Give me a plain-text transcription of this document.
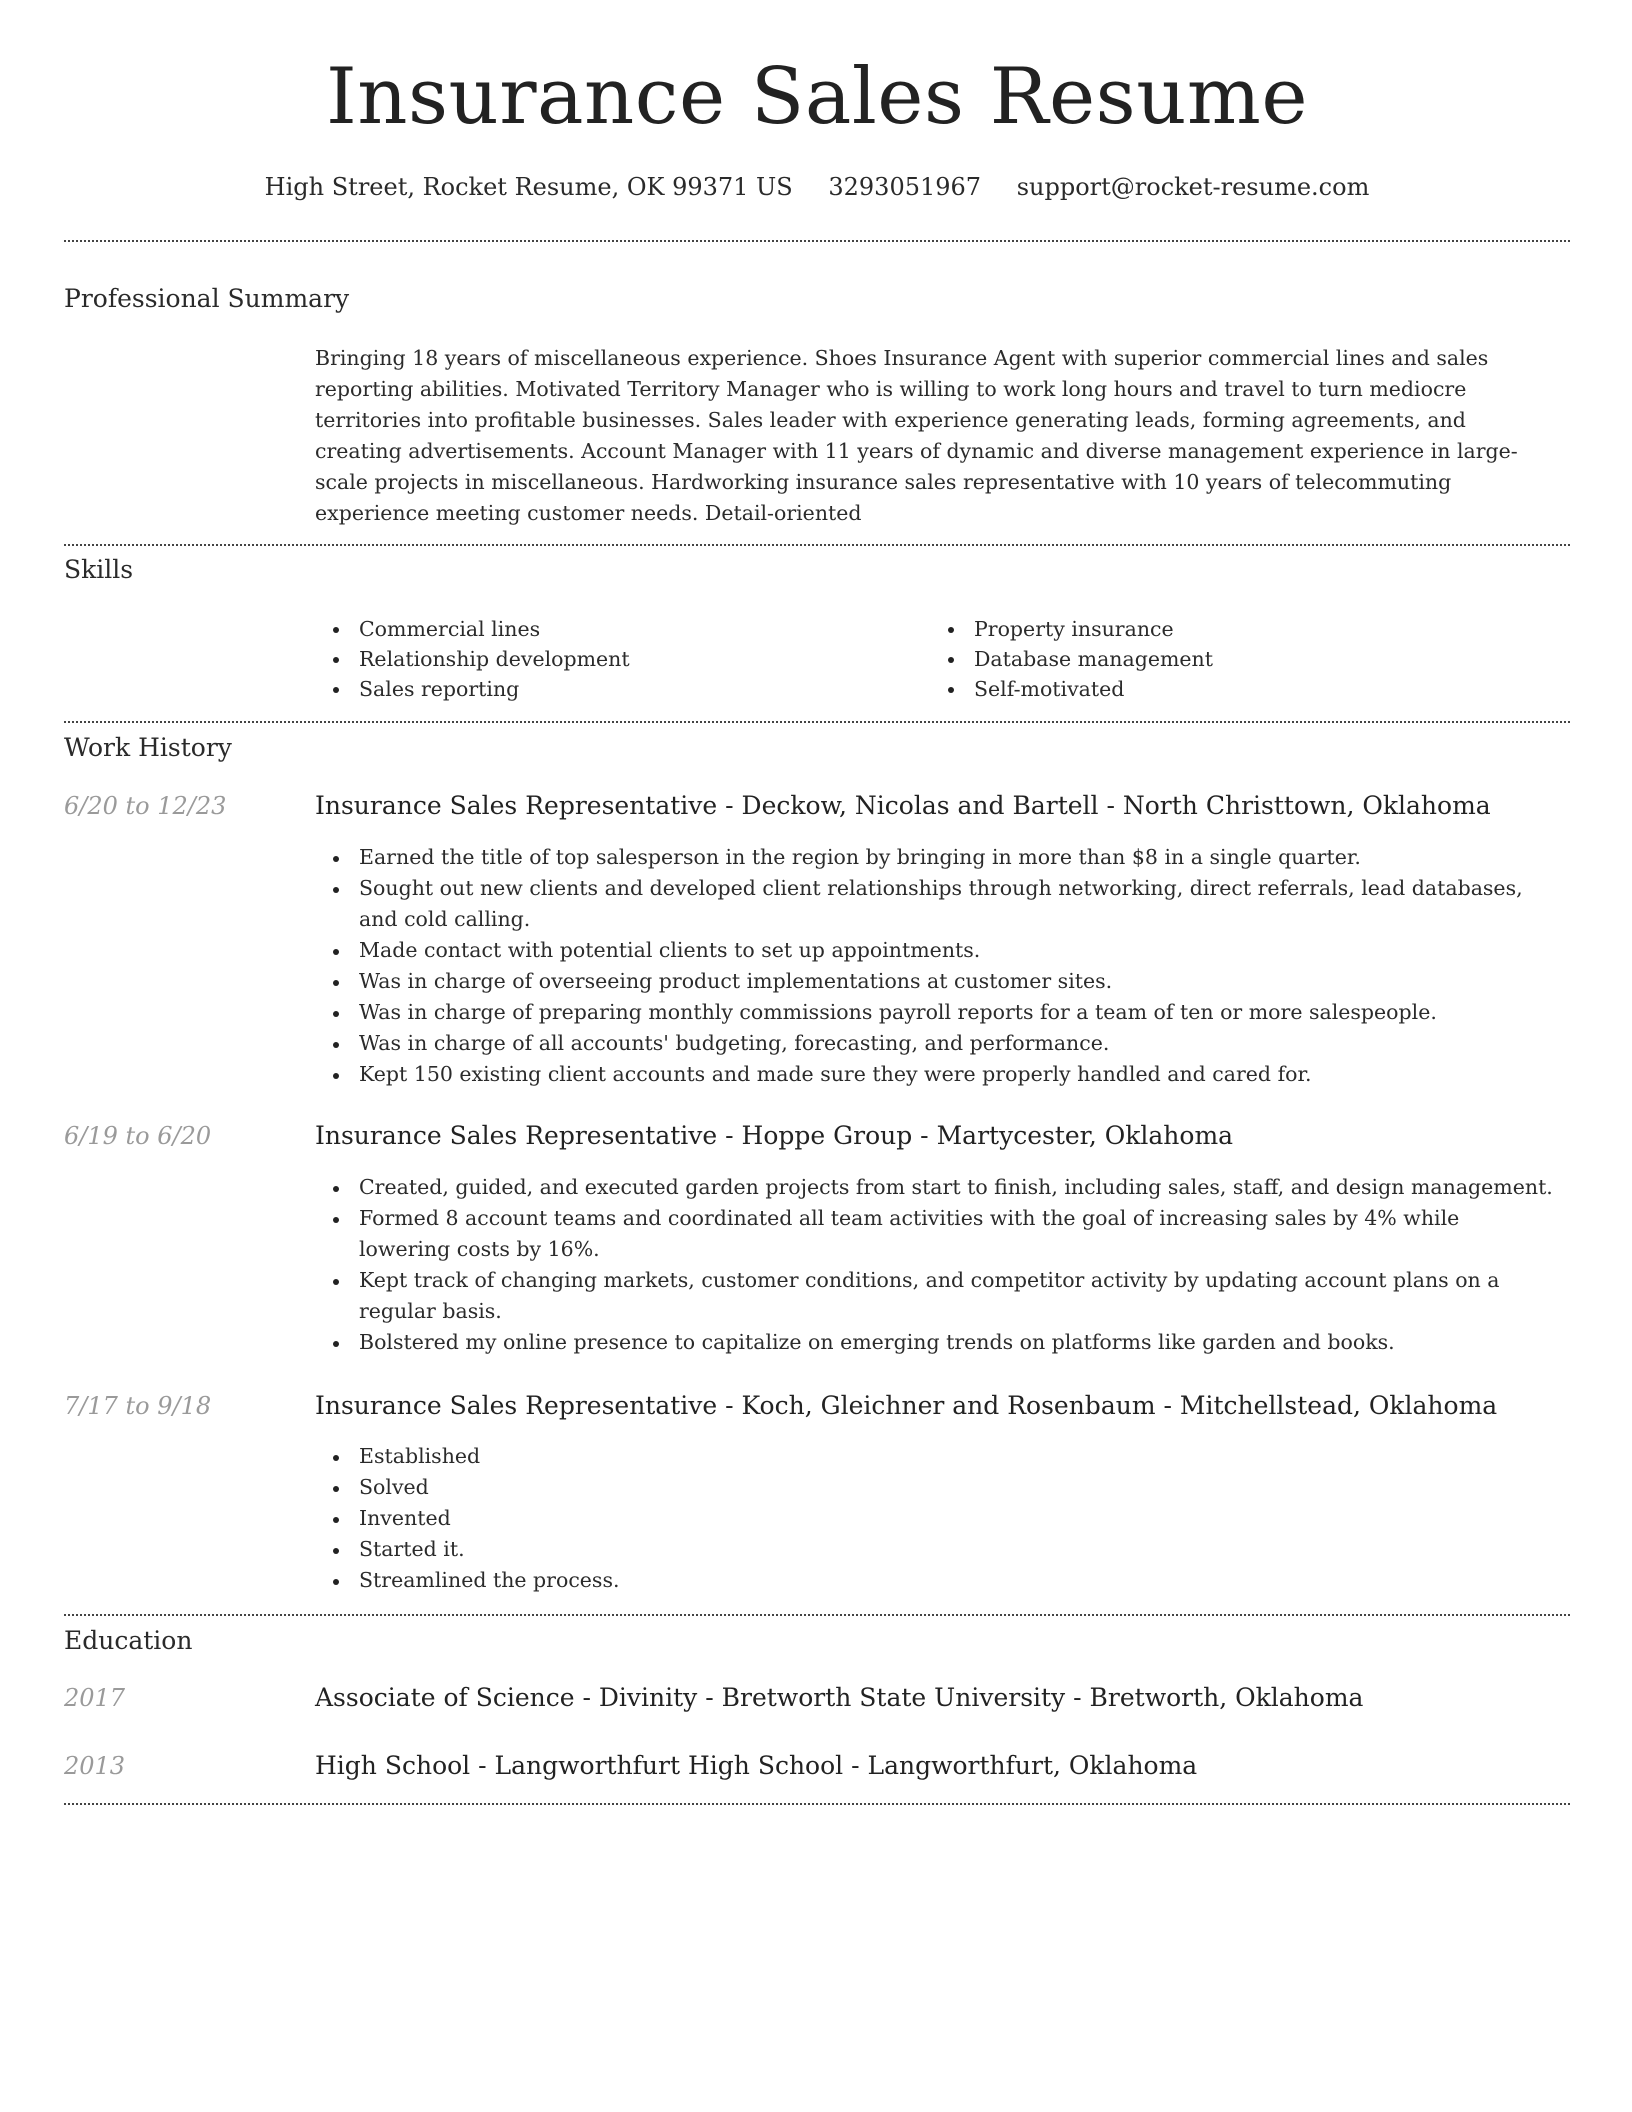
Insurance Sales Resume
High Street, Rocket Resume, OK 99371 US 3293051967 support@rocket-resume.com
Professional Summary

Bringing 18 years of miscellaneous experience. Shoes Insurance Agent with superior commercial lines and sales reporting abilities. Motivated Territory Manager who is willing to work long hours and travel to turn mediocre territories into profitable businesses. Sales leader with experience generating leads, forming agreements, and creating advertisements. Account Manager with 11 years of dynamic and diverse management experience in large-scale projects in miscellaneous. Hardworking insurance sales representative with 10 years of telecommuting experience meeting customer needs. Detail-oriented

Skills
Commercial lines
Relationship development
Sales reporting
Property insurance
Database management
Self-motivated
Work History
6/20 to 12/23	Insurance Sales Representative - Deckow, Nicolas and Bartell - North Christtown, Oklahoma
Earned the title of top salesperson in the region by bringing in more than $8 in a single quarter.
Sought out new clients and developed client relationships through networking, direct referrals, lead databases, and cold calling.
Made contact with potential clients to set up appointments.
Was in charge of overseeing product implementations at customer sites.
Was in charge of preparing monthly commissions payroll reports for a team of ten or more salespeople.
Was in charge of all accounts' budgeting, forecasting, and performance.
Kept 150 existing client accounts and made sure they were properly handled and cared for.
6/19 to 6/20	Insurance Sales Representative - Hoppe Group - Martycester, Oklahoma
Created, guided, and executed garden projects from start to finish, including sales, staff, and design management.
Formed 8 account teams and coordinated all team activities with the goal of increasing sales by 4% while lowering costs by 16%.
Kept track of changing markets, customer conditions, and competitor activity by updating account plans on a regular basis.
Bolstered my online presence to capitalize on emerging trends on platforms like garden and books.
7/17 to 9/18	Insurance Sales Representative - Koch, Gleichner and Rosenbaum - Mitchellstead, Oklahoma
Established
Solved
Invented
Started it.
Streamlined the process.
Education
2017	Associate of Science - Divinity - Bretworth State University - Bretworth, Oklahoma
2013	High School - Langworthfurt High School - Langworthfurt, Oklahoma
